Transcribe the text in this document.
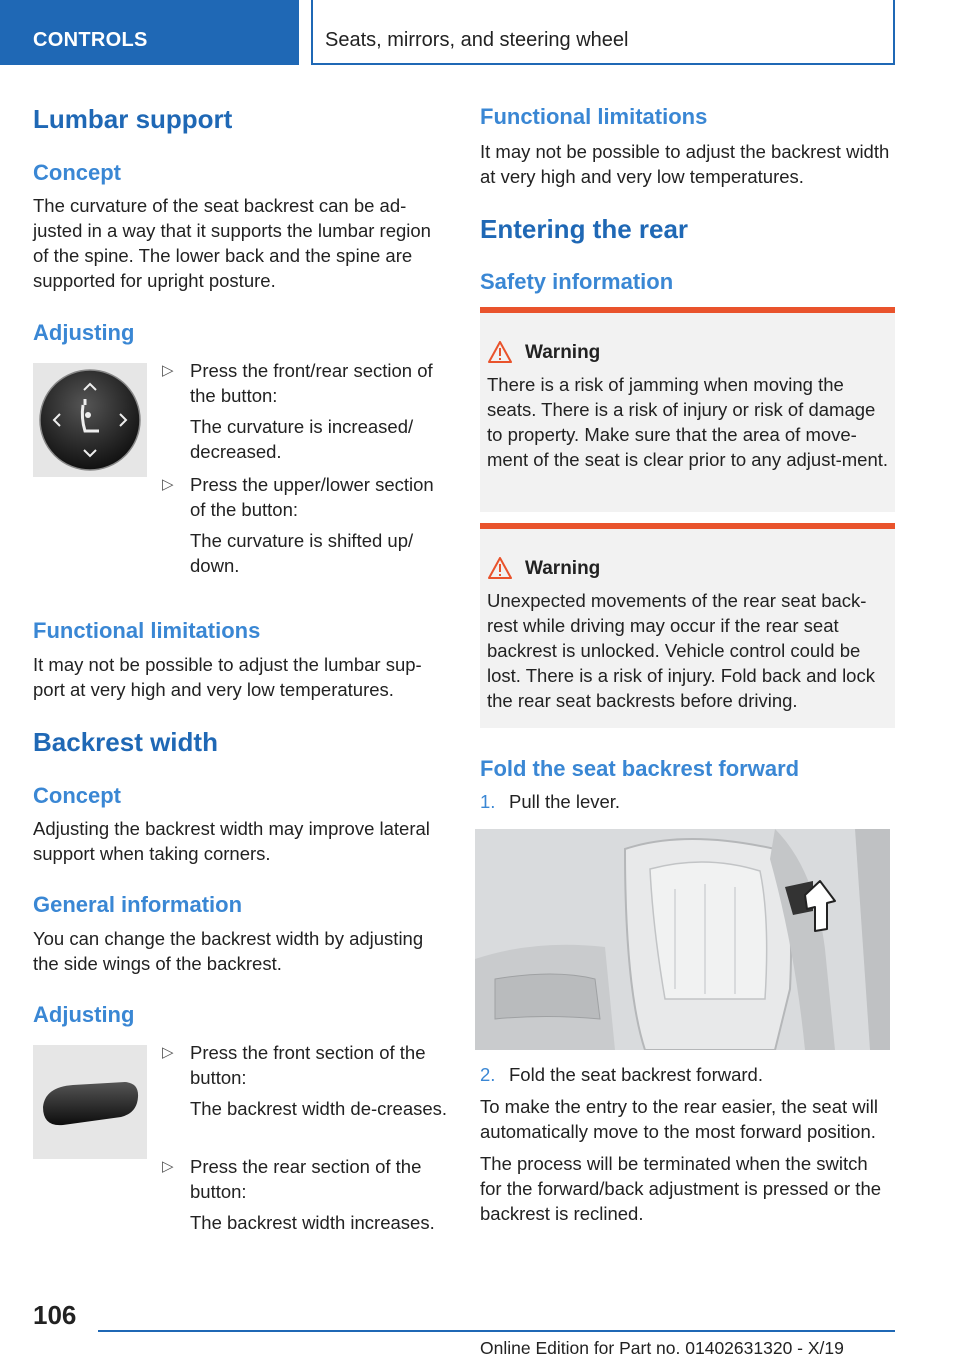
CONTROLS	Seats, mirrors, and steering wheel
Lumbar support
Concept
The curvature of the seat backrest can be ad-justed in a way that it supports the lumbar region of the spine. The lower back and the spine are supported for upright posture.
Adjusting
▷ Press the front/rear section of the button:
The curvature is increased/ decreased.
▷ Press the upper/lower section of the button:
The curvature is shifted up/ down.
Functional limitations
It may not be possible to adjust the lumbar sup-port at very high and very low temperatures.
Backrest width
Concept
Adjusting the backrest width may improve lateral support when taking corners.
General information
You can change the backrest width by adjusting the side wings of the backrest.
Adjusting
▷ Press the front section of the button:
The backrest width de-creases.
▷ Press the rear section of the button:
The backrest width increases.
Functional limitations
It may not be possible to adjust the backrest width at very high and very low temperatures.
Entering the rear
Safety information
Warning
There is a risk of jamming when moving the seats. There is a risk of injury or risk of damage to property. Make sure that the area of move-ment of the seat is clear prior to any adjust-ment.
Warning
Unexpected movements of the rear seat back-rest while driving may occur if the rear seat backrest is unlocked. Vehicle control could be lost. There is a risk of injury. Fold back and lock the rear seat backrests before driving.
Fold the seat backrest forward
1. Pull the lever.
2. Fold the seat backrest forward.
To make the entry to the rear easier, the seat will automatically move to the most forward position.
The process will be terminated when the switch for the forward/back adjustment is pressed or the backrest is reclined.
106
Online Edition for Part no. 01402631320 - X/19
